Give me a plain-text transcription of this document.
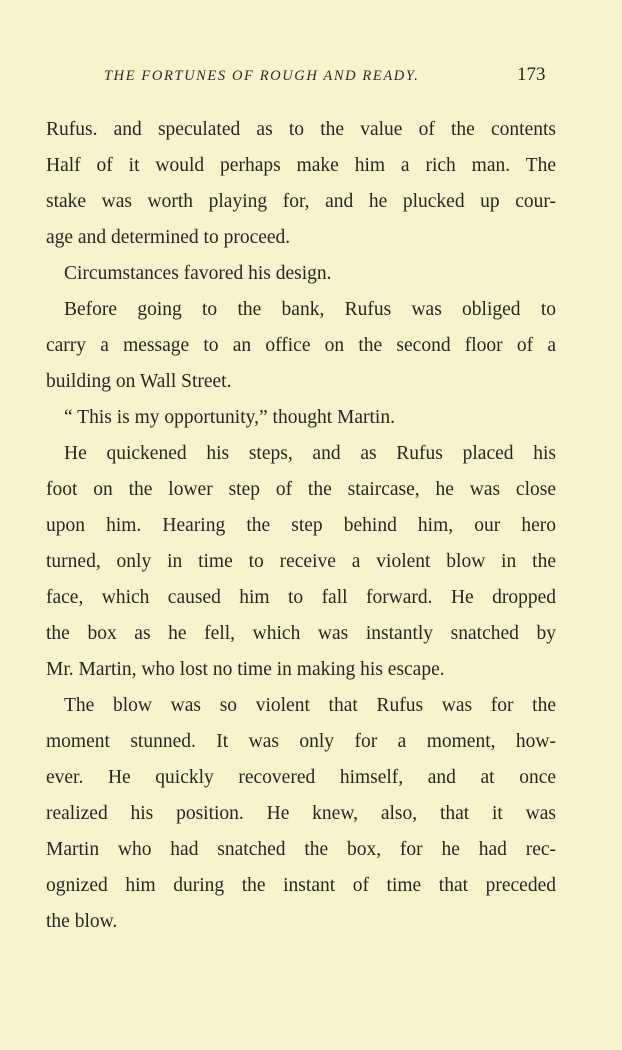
THE FORTUNES OF ROUGH AND READY.	173
Rufus. and speculated as to the value of the contents
Half of it would perhaps make him a rich man. The
stake was worth playing for, and he plucked up cour-
age and determined to proceed.
Circumstances favored his design.
Before going to the bank, Rufus was obliged to
carry a message to an office on the second floor of a
building on Wall Street.
“ This is my opportunity,” thought Martin.
He quickened his steps, and as Rufus placed his
foot on the lower step of the staircase, he was close
upon him. Hearing the step behind him, our hero
turned, only in time to receive a violent blow in the
face, which caused him to fall forward. He dropped
the box as he fell, which was instantly snatched by
Mr. Martin, who lost no time in making his escape.
The blow was so violent that Rufus was for the
moment stunned. It was only for a moment, how-
ever. He quickly recovered himself, and at once
realized his position. He knew, also, that it was
Martin who had snatched the box, for he had rec-
ognized him during the instant of time that preceded
the blow.
